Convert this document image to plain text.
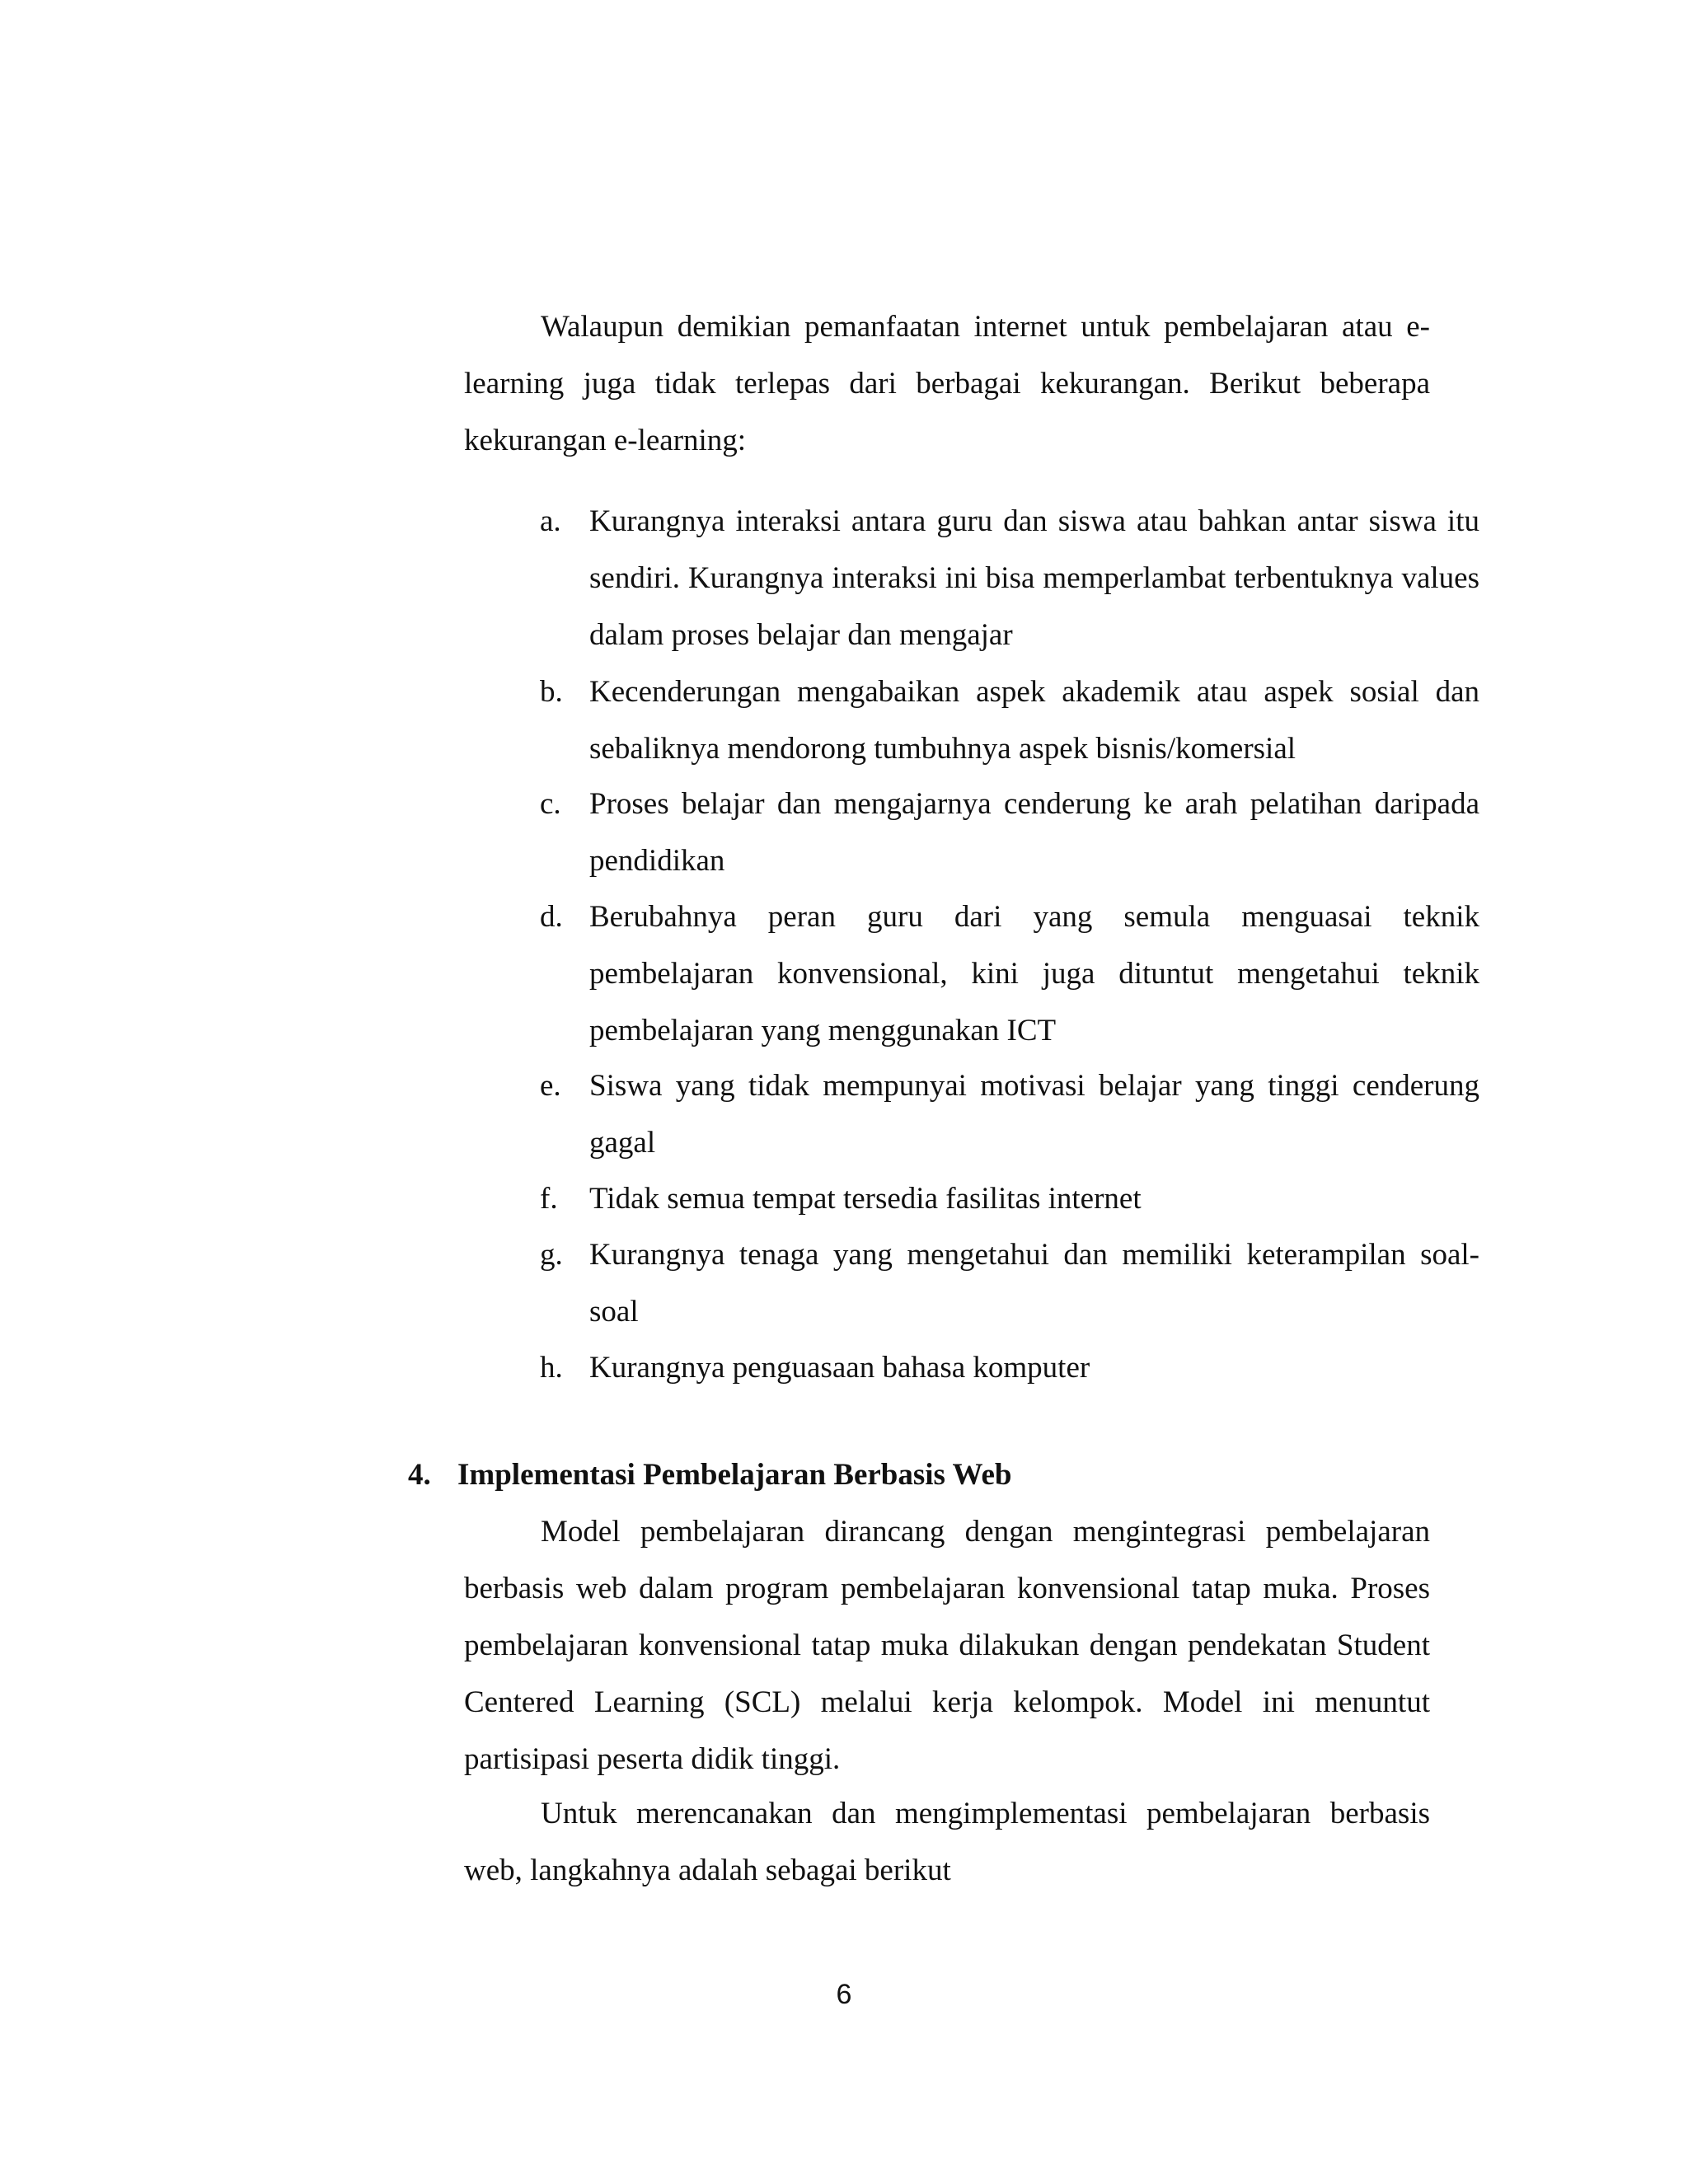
Walaupun demikian pemanfaatan internet untuk pembelajaran atau e-learning juga tidak terlepas dari berbagai kekurangan. Berikut beberapa kekurangan e-learning:

a. Kurangnya interaksi antara guru dan siswa atau bahkan antar siswa itu sendiri. Kurangnya interaksi ini bisa memperlambat terbentuknya values dalam proses belajar dan mengajar
b. Kecenderungan mengabaikan aspek akademik atau aspek sosial dan sebaliknya mendorong tumbuhnya aspek bisnis/komersial
c. Proses belajar dan mengajarnya cenderung ke arah pelatihan daripada pendidikan
d. Berubahnya peran guru dari yang semula menguasai teknik pembelajaran konvensional, kini juga dituntut mengetahui teknik pembelajaran yang menggunakan ICT
e. Siswa yang tidak mempunyai motivasi belajar yang tinggi cenderung gagal
f. Tidak semua tempat tersedia fasilitas internet
g. Kurangnya tenaga yang mengetahui dan memiliki keterampilan soal-soal
h. Kurangnya penguasaan bahasa komputer
4. Implementasi Pembelajaran Berbasis Web

Model pembelajaran dirancang dengan mengintegrasi pembelajaran berbasis web dalam program pembelajaran konvensional tatap muka. Proses pembelajaran konvensional tatap muka dilakukan dengan pendekatan Student Centered Learning (SCL) melalui kerja kelompok. Model ini menuntut partisipasi peserta didik tinggi.

Untuk merencanakan dan mengimplementasi pembelajaran berbasis web, langkahnya adalah sebagai berikut

6
